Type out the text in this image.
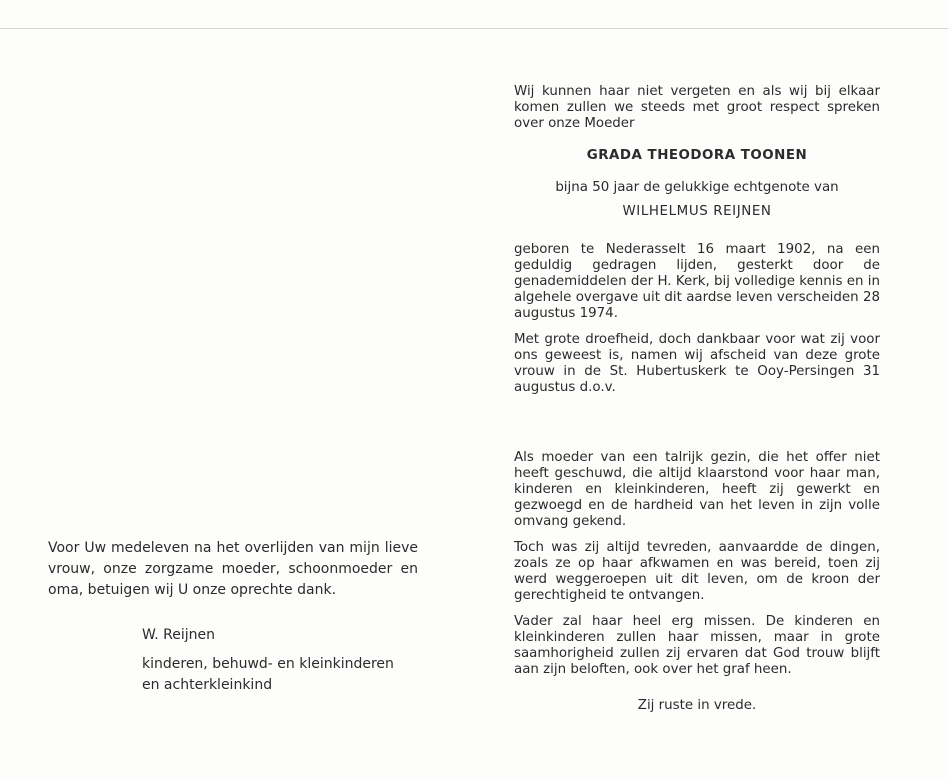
Voor Uw medeleven na het overlijden van mijn lieve vrouw, onze zorgzame moeder, schoonmoeder en oma, betuigen wij U onze oprechte dank.

W. Reijnen
kinderen, behuwd- en kleinkinderen
en achterkleinkind

Wij kunnen haar niet vergeten en als wij bij elkaar komen zullen we steeds met groot respect spreken over onze Moeder

GRADA THEODORA TOONEN

bijna 50 jaar de gelukkige echtgenote van

WILHELMUS REIJNEN

geboren te Nederasselt 16 maart 1902, na een geduldig gedragen lijden, gesterkt door de genademiddelen der H. Kerk, bij volledige kennis en in algehele overgave uit dit aardse leven verscheiden 28 augustus 1974.

Met grote droefheid, doch dankbaar voor wat zij voor ons geweest is, namen wij afscheid van deze grote vrouw in de St. Hubertuskerk te Ooy-Persingen 31 augustus d.o.v.

Als moeder van een talrijk gezin, die het offer niet heeft geschuwd, die altijd klaarstond voor haar man, kinderen en kleinkinderen, heeft zij gewerkt en gezwoegd en de hardheid van het leven in zijn volle omvang gekend.

Toch was zij altijd tevreden, aanvaardde de dingen, zoals ze op haar afkwamen en was bereid, toen zij werd weggeroepen uit dit leven, om de kroon der gerechtigheid te ontvangen.

Vader zal haar heel erg missen. De kinderen en kleinkinderen zullen haar missen, maar in grote saamhorigheid zullen zij ervaren dat God trouw blijft aan zijn beloften, ook over het graf heen.

Zij ruste in vrede.
